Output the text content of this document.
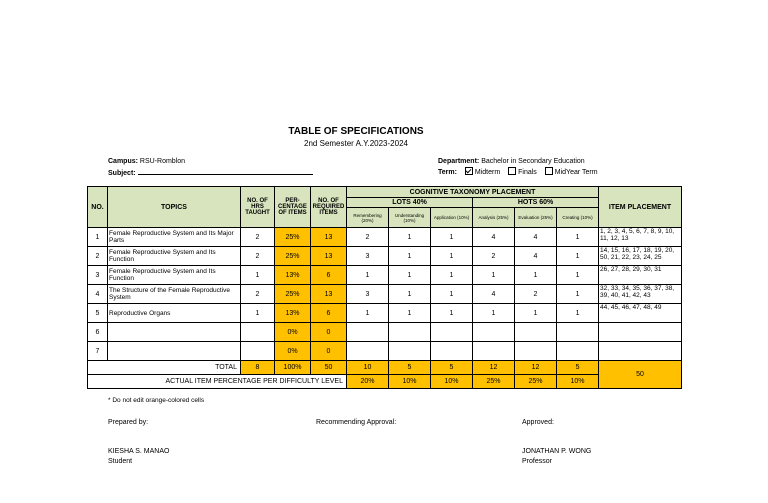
TABLE OF SPECIFICATIONS
2nd Semester A.Y.2023-2024
Campus: RSU-Romblon
Subject:
Department: Bachelor in Secondary Education
Term:	Midterm	Finals	MidYear Term
NO.	TOPICS	NO. OF HRS TAUGHT	PER-CENTAGE OF ITEMS	NO. OF REQUIRED ITEMS	COGNITIVE TAXONOMY PLACEMENT						ITEM PLACEMENT
					LOTS 40%			HOTS 60%			
					Remembering (20%)	Understanding (10%)	Application (10%)	Analysis (25%)	Evaluation (25%)	Creating (10%)	
1	Female Reproductive System and Its Major Parts	2	25%	13	2	1	1	4	4	1	1, 2, 3, 4, 5, 6, 7, 8, 9, 10, 11, 12, 13
2	Female Reproductive System and Its Function	2	25%	13	3	1	1	2	4	1	14, 15, 16, 17, 18, 19, 20, 50, 21, 22, 23, 24, 25
3	Female Reproductive System and Its Function	1	13%	6	1	1	1	1	1	1	26, 27, 28, 29, 30, 31
4	The Structure of the Female Reproductive System	2	25%	13	3	1	1	4	2	1	32, 33, 34, 35, 36, 37, 38, 39, 40, 41, 42, 43
5	Reproductive Organs	1	13%	6	1	1	1	1	1	1	44, 45, 46, 47, 48, 49
6			0%	0							
7			0%	0							
TOTAL		8	100%	50	10	5	5	12	12	5	50
ACTUAL ITEM PERCENTAGE PER DIFFICULTY LEVEL					20%	10%	10%	25%	25%	10%	
* Do not edit orange-colored cells
Prepared by:	Recommending Approval:	Approved:
KIESHA S. MANAO
Student
JONATHAN P. WONG
Professor
